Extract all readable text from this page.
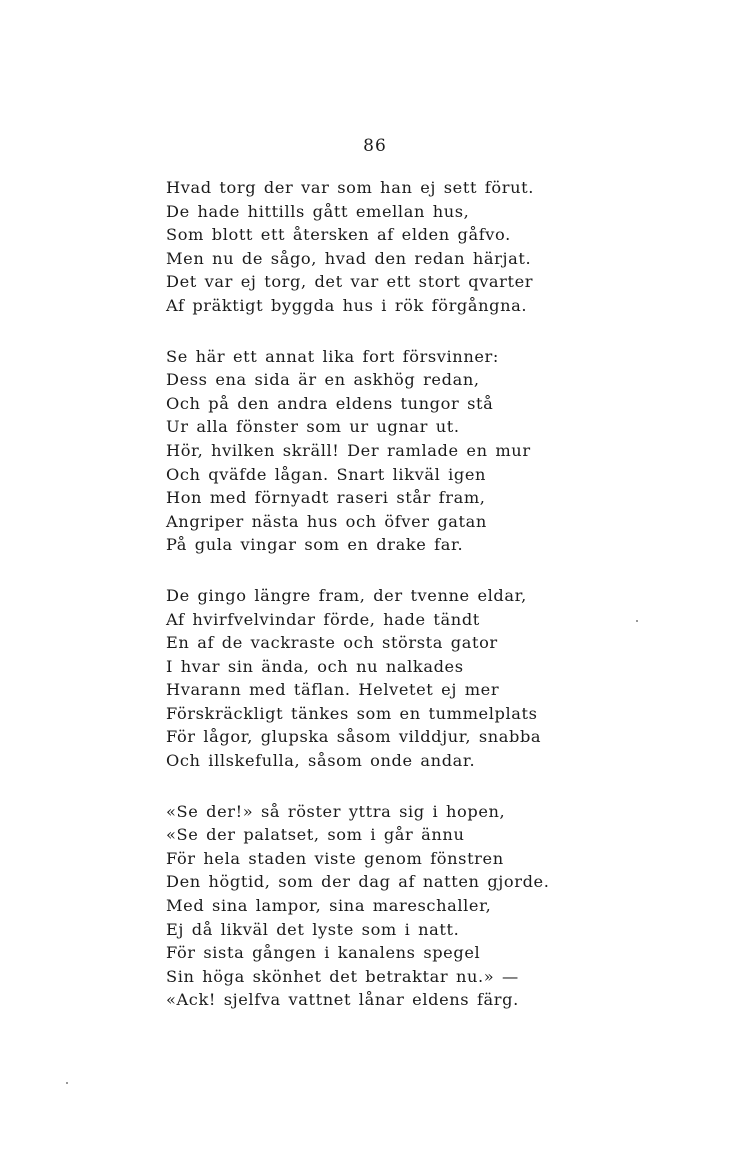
86
Hvad torg der var som han ej sett förut.
De hade hittills gått emellan hus,
Som blott ett återsken af elden gåfvo.
Men nu de sågo, hvad den redan härjat.
Det var ej torg, det var ett stort qvarter
Af präktigt byggda hus i rök förgångna.
Se här ett annat lika fort försvinner:
Dess ena sida är en askhög redan,
Och på den andra eldens tungor stå
Ur alla fönster som ur ugnar ut.
Hör, hvilken skräll! Der ramlade en mur
Och qväfde lågan. Snart likväl igen
Hon med förnyadt raseri står fram,
Angriper nästa hus och öfver gatan
På gula vingar som en drake far.
De gingo längre fram, der tvenne eldar,
Af hvirfvelvindar förde, hade tändt
En af de vackraste och största gator
I hvar sin ända, och nu nalkades
Hvarann med täflan. Helvetet ej mer
Förskräckligt tänkes som en tummelplats
För lågor, glupska såsom vilddjur, snabba
Och illskefulla, såsom onde andar.
«Se der!» så röster yttra sig i hopen,
«Se der palatset, som i går ännu
För hela staden viste genom fönstren
Den högtid, som der dag af natten gjorde.
Med sina lampor, sina mareschaller,
Ej då likväl det lyste som i natt.
För sista gången i kanalens spegel
Sin höga skönhet det betraktar nu.» —
«Ack! sjelfva vattnet lånar eldens färg.
